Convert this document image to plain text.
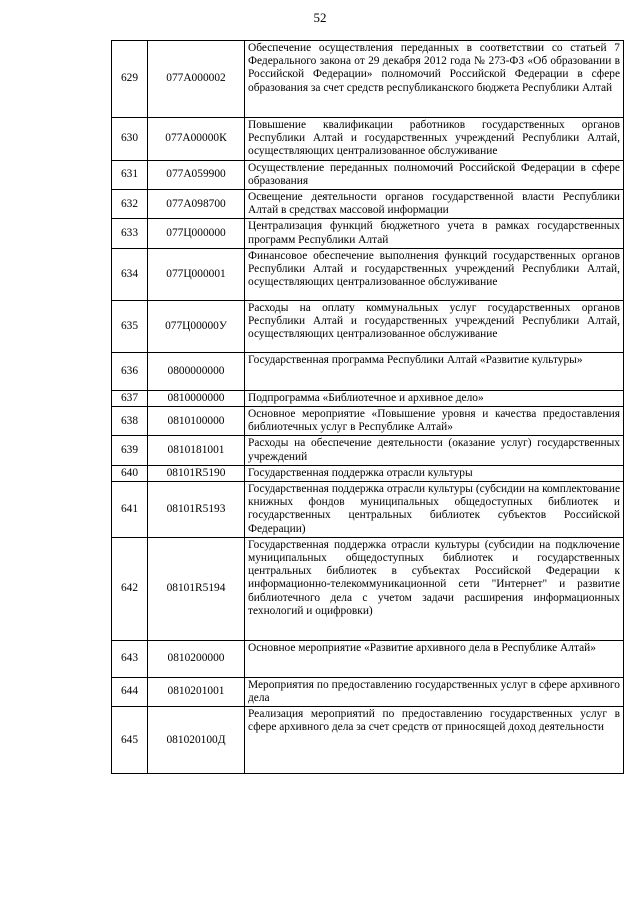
52
629	077А000002	Обеспечение осуществления переданных в соответствии со статьей 7 Федерального закона от 29 декабря 2012 года № 273-ФЗ «Об образовании в Российской Федерации» полномочий Российской Федерации в сфере образования за счет средств республиканского бюджета Республики Алтай
630	077А00000К	Повышение квалификации работников государственных органов Республики Алтай и государственных учреждений Республики Алтай, осуществляющих централизованное обслуживание
631	077А059900	Осуществление переданных полномочий Российской Федерации в сфере образования
632	077А098700	Освещение деятельности органов государственной власти Республики Алтай в средствах массовой информации
633	077Ц000000	Централизация функций бюджетного учета в рамках государственных программ Республики Алтай
634	077Ц000001	Финансовое обеспечение выполнения функций государственных органов Республики Алтай и государственных учреждений Республики Алтай, осуществляющих централизованное обслуживание
635	077Ц00000У	Расходы на оплату коммунальных услуг государственных органов Республики Алтай и государственных учреждений Республики Алтай, осуществляющих централизованное обслуживание
636	0800000000	Государственная программа Республики Алтай «Развитие культуры»
637	0810000000	Подпрограмма «Библиотечное и архивное дело»
638	0810100000	Основное мероприятие «Повышение уровня и качества предоставления библиотечных услуг в Республике Алтай»
639	0810181001	Расходы на обеспечение деятельности (оказание услуг) государственных учреждений
640	08101R5190	Государственная поддержка отрасли культуры
641	08101R5193	Государственная поддержка отрасли культуры (субсидии на комплектование книжных фондов муниципальных общедоступных библиотек и государственных центральных библиотек субъектов Российской Федерации)
642	08101R5194	Государственная поддержка отрасли культуры (субсидии на подключение муниципальных общедоступных библиотек и государственных центральных библиотек в субъектах Российской Федерации к информационно-телекоммуникационной сети "Интернет" и развитие библиотечного дела с учетом задачи расширения информационных технологий и оцифровки)
643	0810200000	Основное мероприятие «Развитие архивного дела в Республике Алтай»
644	0810201001	Мероприятия по предоставлению государственных услуг в сфере архивного дела
645	081020100Д	Реализация мероприятий по предоставлению государственных услуг в сфере архивного дела за счет средств от приносящей доход деятельности
